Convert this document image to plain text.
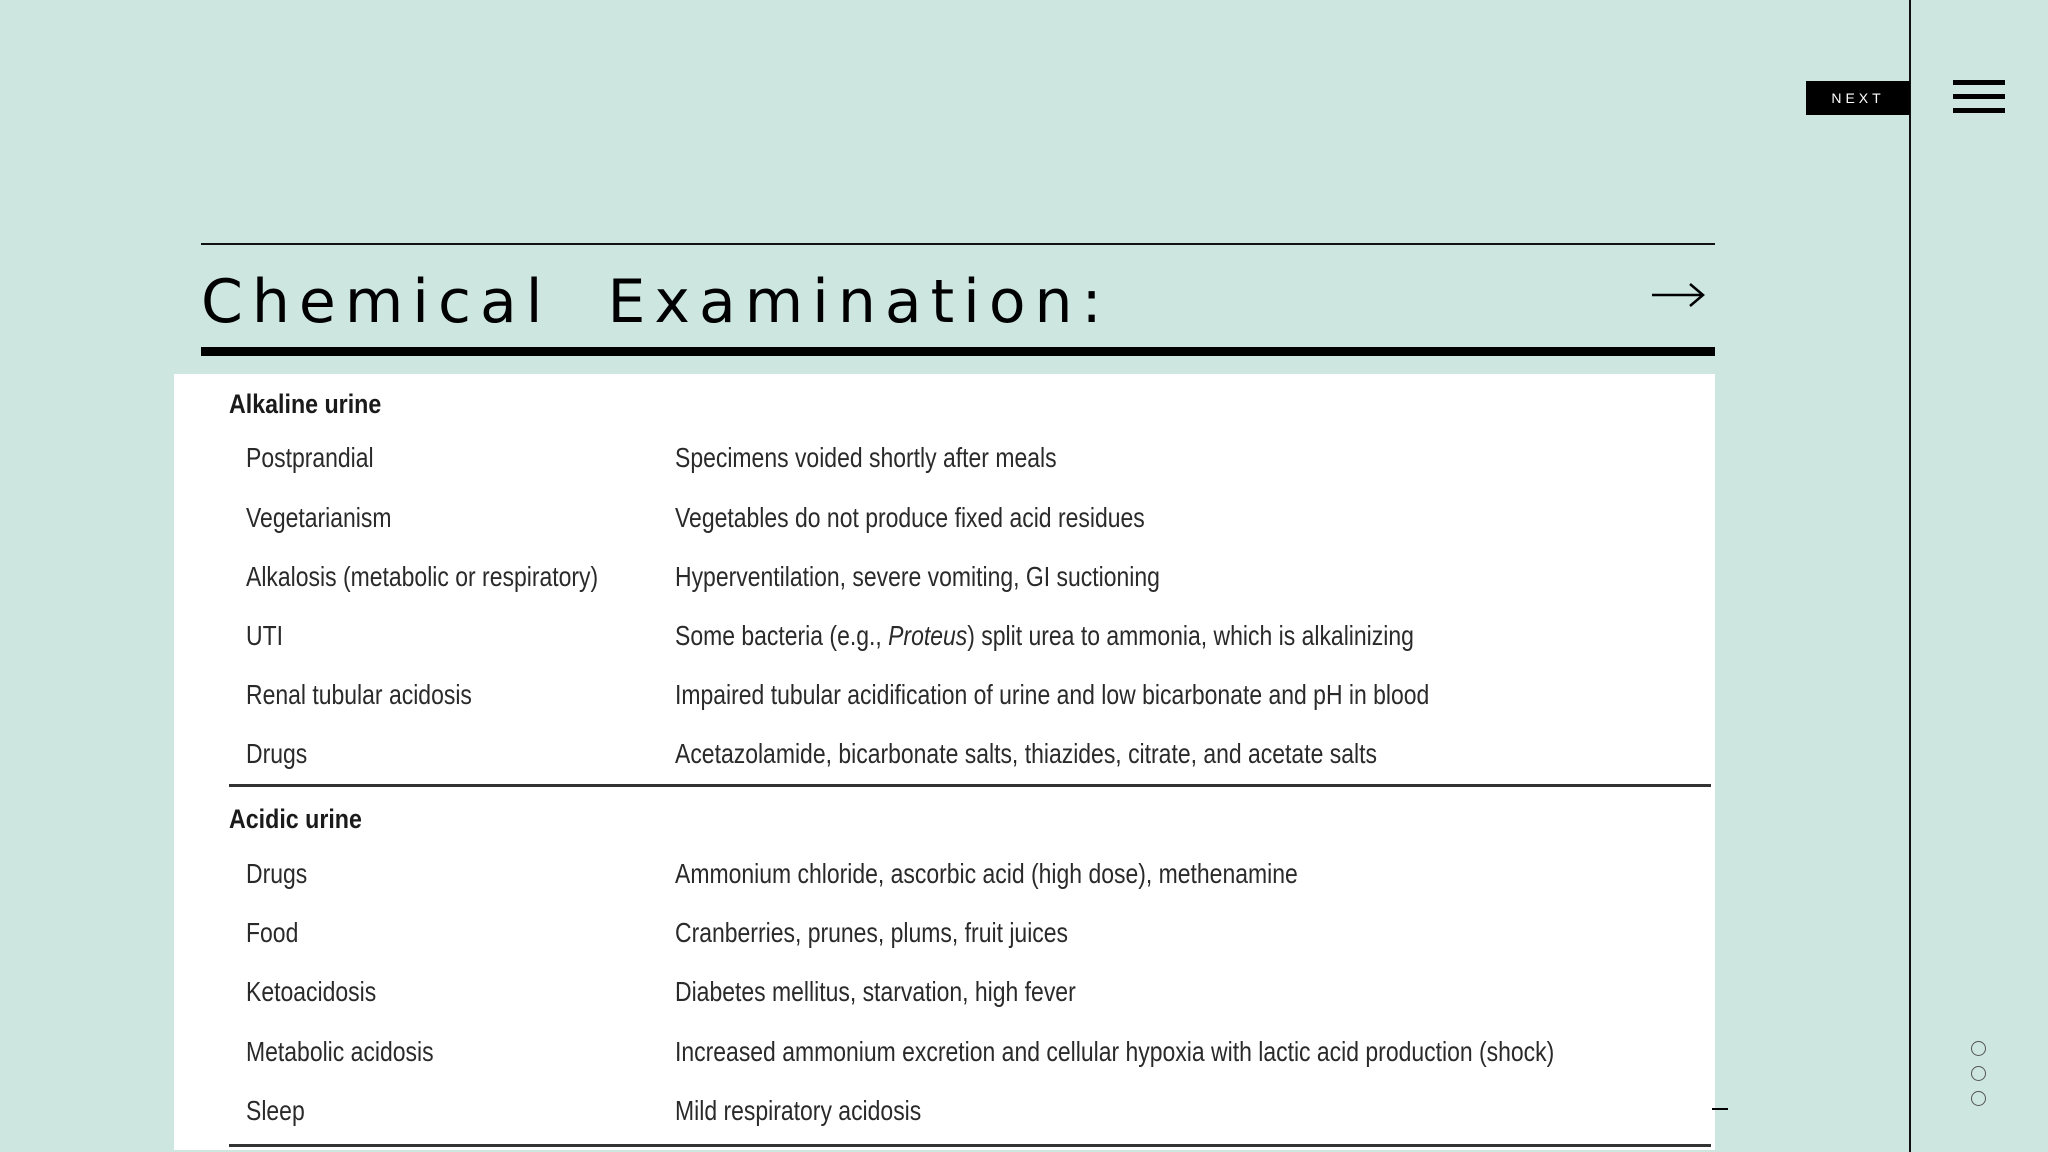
NEXT
Chemical  Examination:
Alkaline urine
Postprandial	Specimens voided shortly after meals
Vegetarianism	Vegetables do not produce fixed acid residues
Alkalosis (metabolic or respiratory)	Hyperventilation, severe vomiting, GI suctioning
UTI	Some bacteria (e.g., Proteus) split urea to ammonia, which is alkalinizing
Renal tubular acidosis	Impaired tubular acidification of urine and low bicarbonate and pH in blood
Drugs	Acetazolamide, bicarbonate salts, thiazides, citrate, and acetate salts
Acidic urine
Drugs	Ammonium chloride, ascorbic acid (high dose), methenamine
Food	Cranberries, prunes, plums, fruit juices
Ketoacidosis	Diabetes mellitus, starvation, high fever
Metabolic acidosis	Increased ammonium excretion and cellular hypoxia with lactic acid production (shock)
Sleep	Mild respiratory acidosis
